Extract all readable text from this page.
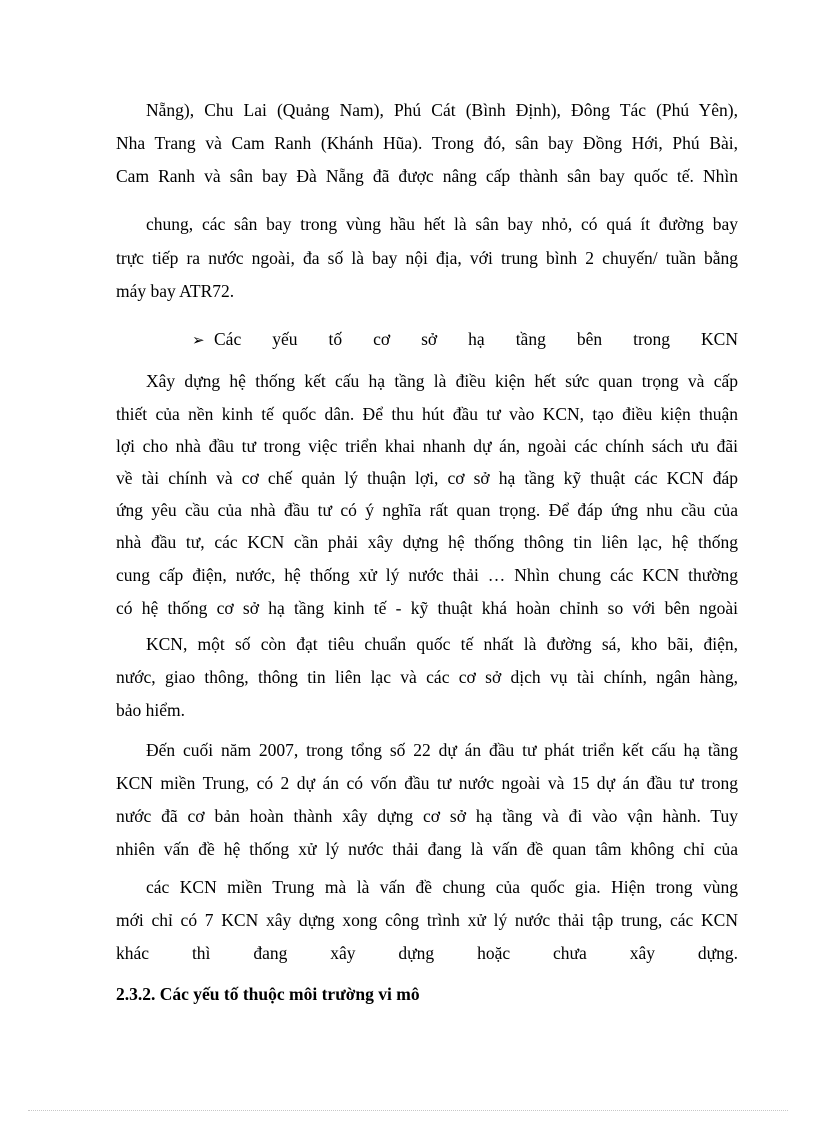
Nẵng), Chu Lai (Quảng Nam), Phú Cát (Bình Định), Đông Tác (Phú Yên),
Nha Trang và Cam Ranh (Khánh Hũa). Trong đó, sân bay Đồng Hới, Phú Bài,
Cam Ranh và sân bay Đà Nẵng đã được nâng cấp thành sân bay quốc tế. Nhìn
chung, các sân bay trong vùng hầu hết là sân bay nhỏ, có quá ít đường bay
trực tiếp ra nước ngoài, đa số là bay nội địa, với trung bình 2 chuyến/ tuần bằng
máy bay ATR72.
➢ Các yếu tố cơ sở hạ tầng bên trong KCN
Xây dựng hệ thống kết cấu hạ tầng là điều kiện hết sức quan trọng và cấp
thiết của nền kinh tế quốc dân. Để thu hút đầu tư vào KCN, tạo điều kiện thuận
lợi cho nhà đầu tư trong việc triển khai nhanh dự án, ngoài các chính sách ưu đãi
về tài chính và cơ chế quản lý thuận lợi, cơ sở hạ tầng kỹ thuật các KCN đáp
ứng yêu cầu của nhà đầu tư có ý nghĩa rất quan trọng. Để đáp ứng nhu cầu của
nhà đầu tư, các KCN cần phải xây dựng hệ thống thông tin liên lạc, hệ thống
cung cấp điện, nước, hệ thống xử lý nước thải … Nhìn chung các KCN thường
có hệ thống cơ sở hạ tầng kinh tế - kỹ thuật khá hoàn chỉnh so với bên ngoài
KCN, một số còn đạt tiêu chuẩn quốc tế nhất là đường sá, kho bãi, điện,
nước, giao thông, thông tin liên lạc và các cơ sở dịch vụ tài chính, ngân hàng,
bảo hiểm.
Đến cuối năm 2007, trong tổng số 22 dự án đầu tư phát triển kết cấu hạ tầng
KCN miền Trung, có 2 dự án có vốn đầu tư nước ngoài và 15 dự án đầu tư trong
nước đã cơ bản hoàn thành xây dựng cơ sở hạ tầng và đi vào vận hành. Tuy
nhiên vấn đề hệ thống xử lý nước thải đang là vấn đề quan tâm không chỉ của
các KCN miền Trung mà là vấn đề chung của quốc gia. Hiện trong vùng
mới chỉ có 7 KCN xây dựng xong công trình xử lý nước thải tập trung, các KCN
khác thì đang xây dựng hoặc chưa xây dựng.
2.3.2. Các yếu tố thuộc môi trường vi mô
